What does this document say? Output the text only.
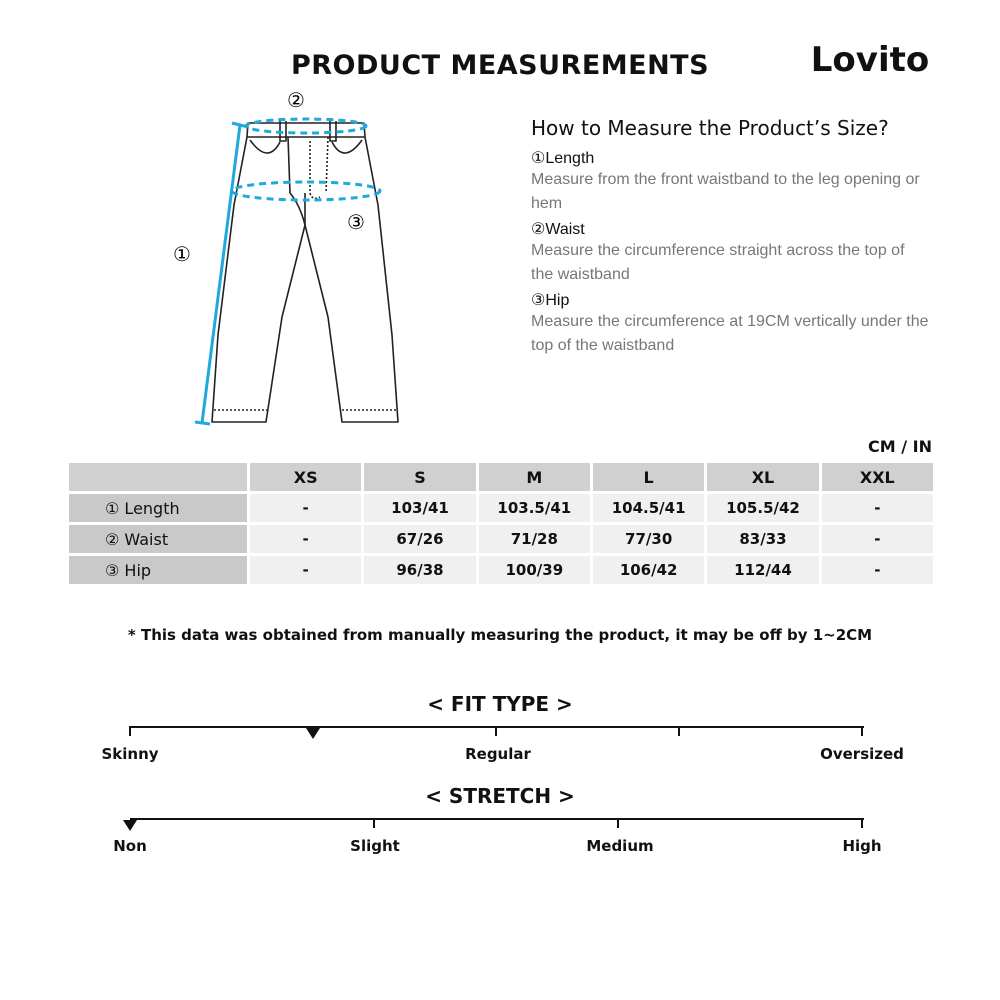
PRODUCT MEASUREMENTS	Lovito
②
③
①
How to Measure the Product’s Size?
①Length
Measure from the front waistband to the leg opening or hem
②Waist
Measure the circumference straight across the top of the waistband
③Hip
Measure the circumference at 19CM vertically under the top of the waistband
CM / IN
	XS	S	M	L	XL	XXL
① Length	-	103/41	103.5/41	104.5/41	105.5/42	-
② Waist	-	67/26	71/28	77/30	83/33	-
③ Hip	-	96/38	100/39	106/42	112/44	-
* This data was obtained from manually measuring the product, it may be off by 1~2CM
< FIT TYPE >
Skinny	Regular	Oversized
< STRETCH >
Non	Slight	Medium	High
